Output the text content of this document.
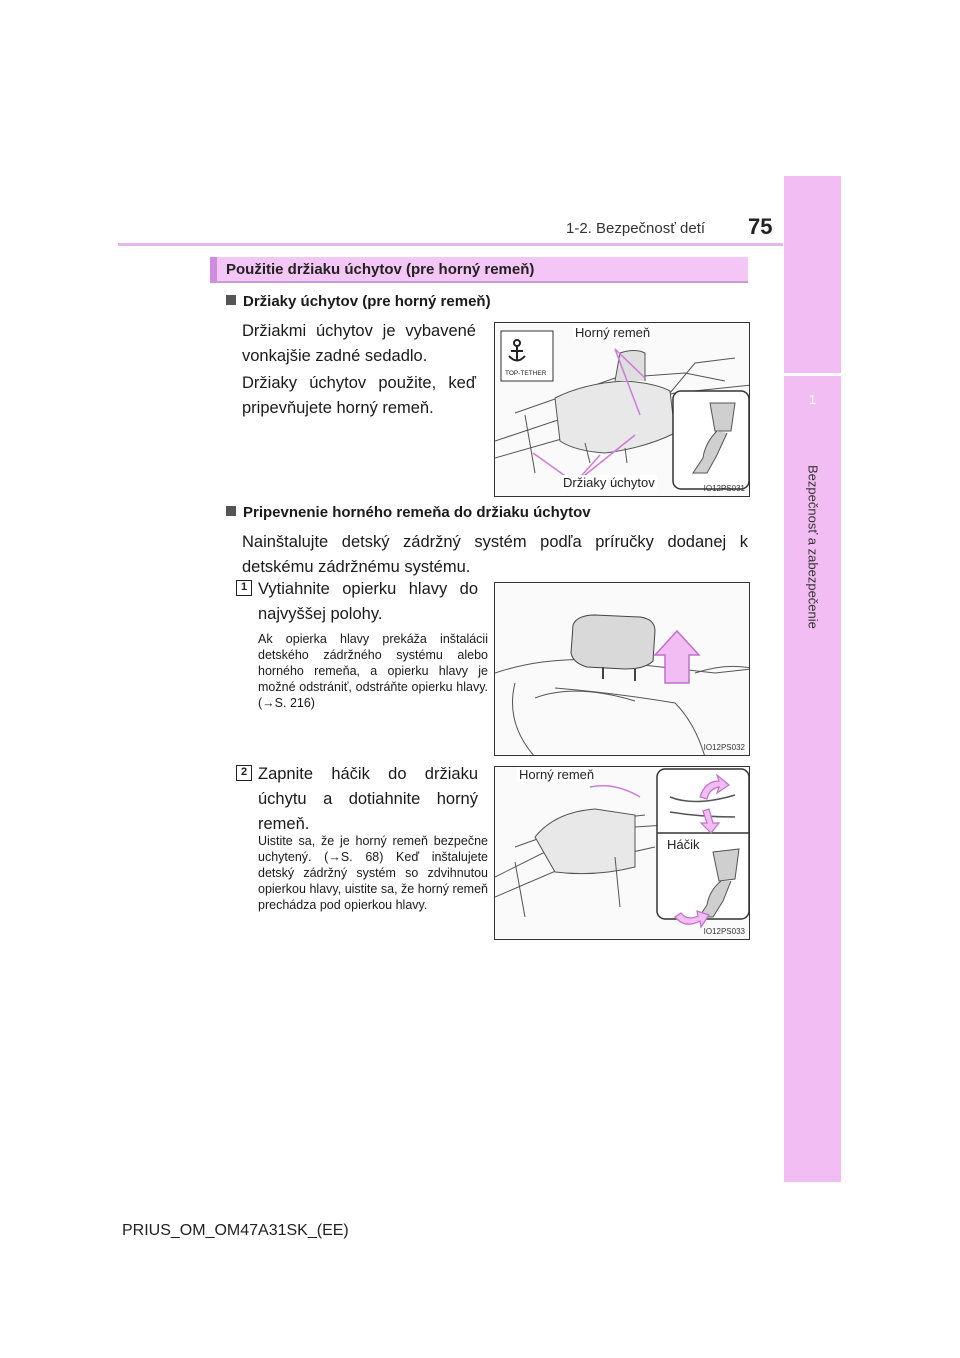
1-2. Bezpečnosť detí 75
1
Bezpečnosť a zabezpečenie
Použitie držiaku úchytov (pre horný remeň)
Držiaky úchytov (pre horný remeň)
Držiakmi úchytov je vybavené vonkajšie zadné sedadlo.
Držiaky úchytov použite, keď pripevňujete horný remeň.
TOP-TETHER
Horný remeň
Držiaky úchytov	IO12PS031
Pripevnenie horného remeňa do držiaku úchytov
Nainštalujte detský zádržný systém podľa príručky dodanej k detskému zádržnému systému.
1 Vytiahnite opierku hlavy do najvyššej polohy.
Ak opierka hlavy prekáža inštalácii detského zádržného systému alebo horného remeňa, a opierku hlavy je možné odstrániť, odstráňte opierku hlavy. (→S. 216)
IO12PS032
2 Zapnite háčik do držiaku úchytu a dotiahnite horný remeň.
Uistite sa, že je horný remeň bezpečne uchytený. (→S. 68) Keď inštalujete detský zádržný systém so zdvihnutou opierkou hlavy, uistite sa, že horný remeň prechádza pod opierkou hlavy.
Horný remeň
Háčik
IO12PS033
PRIUS_OM_OM47A31SK_(EE)
